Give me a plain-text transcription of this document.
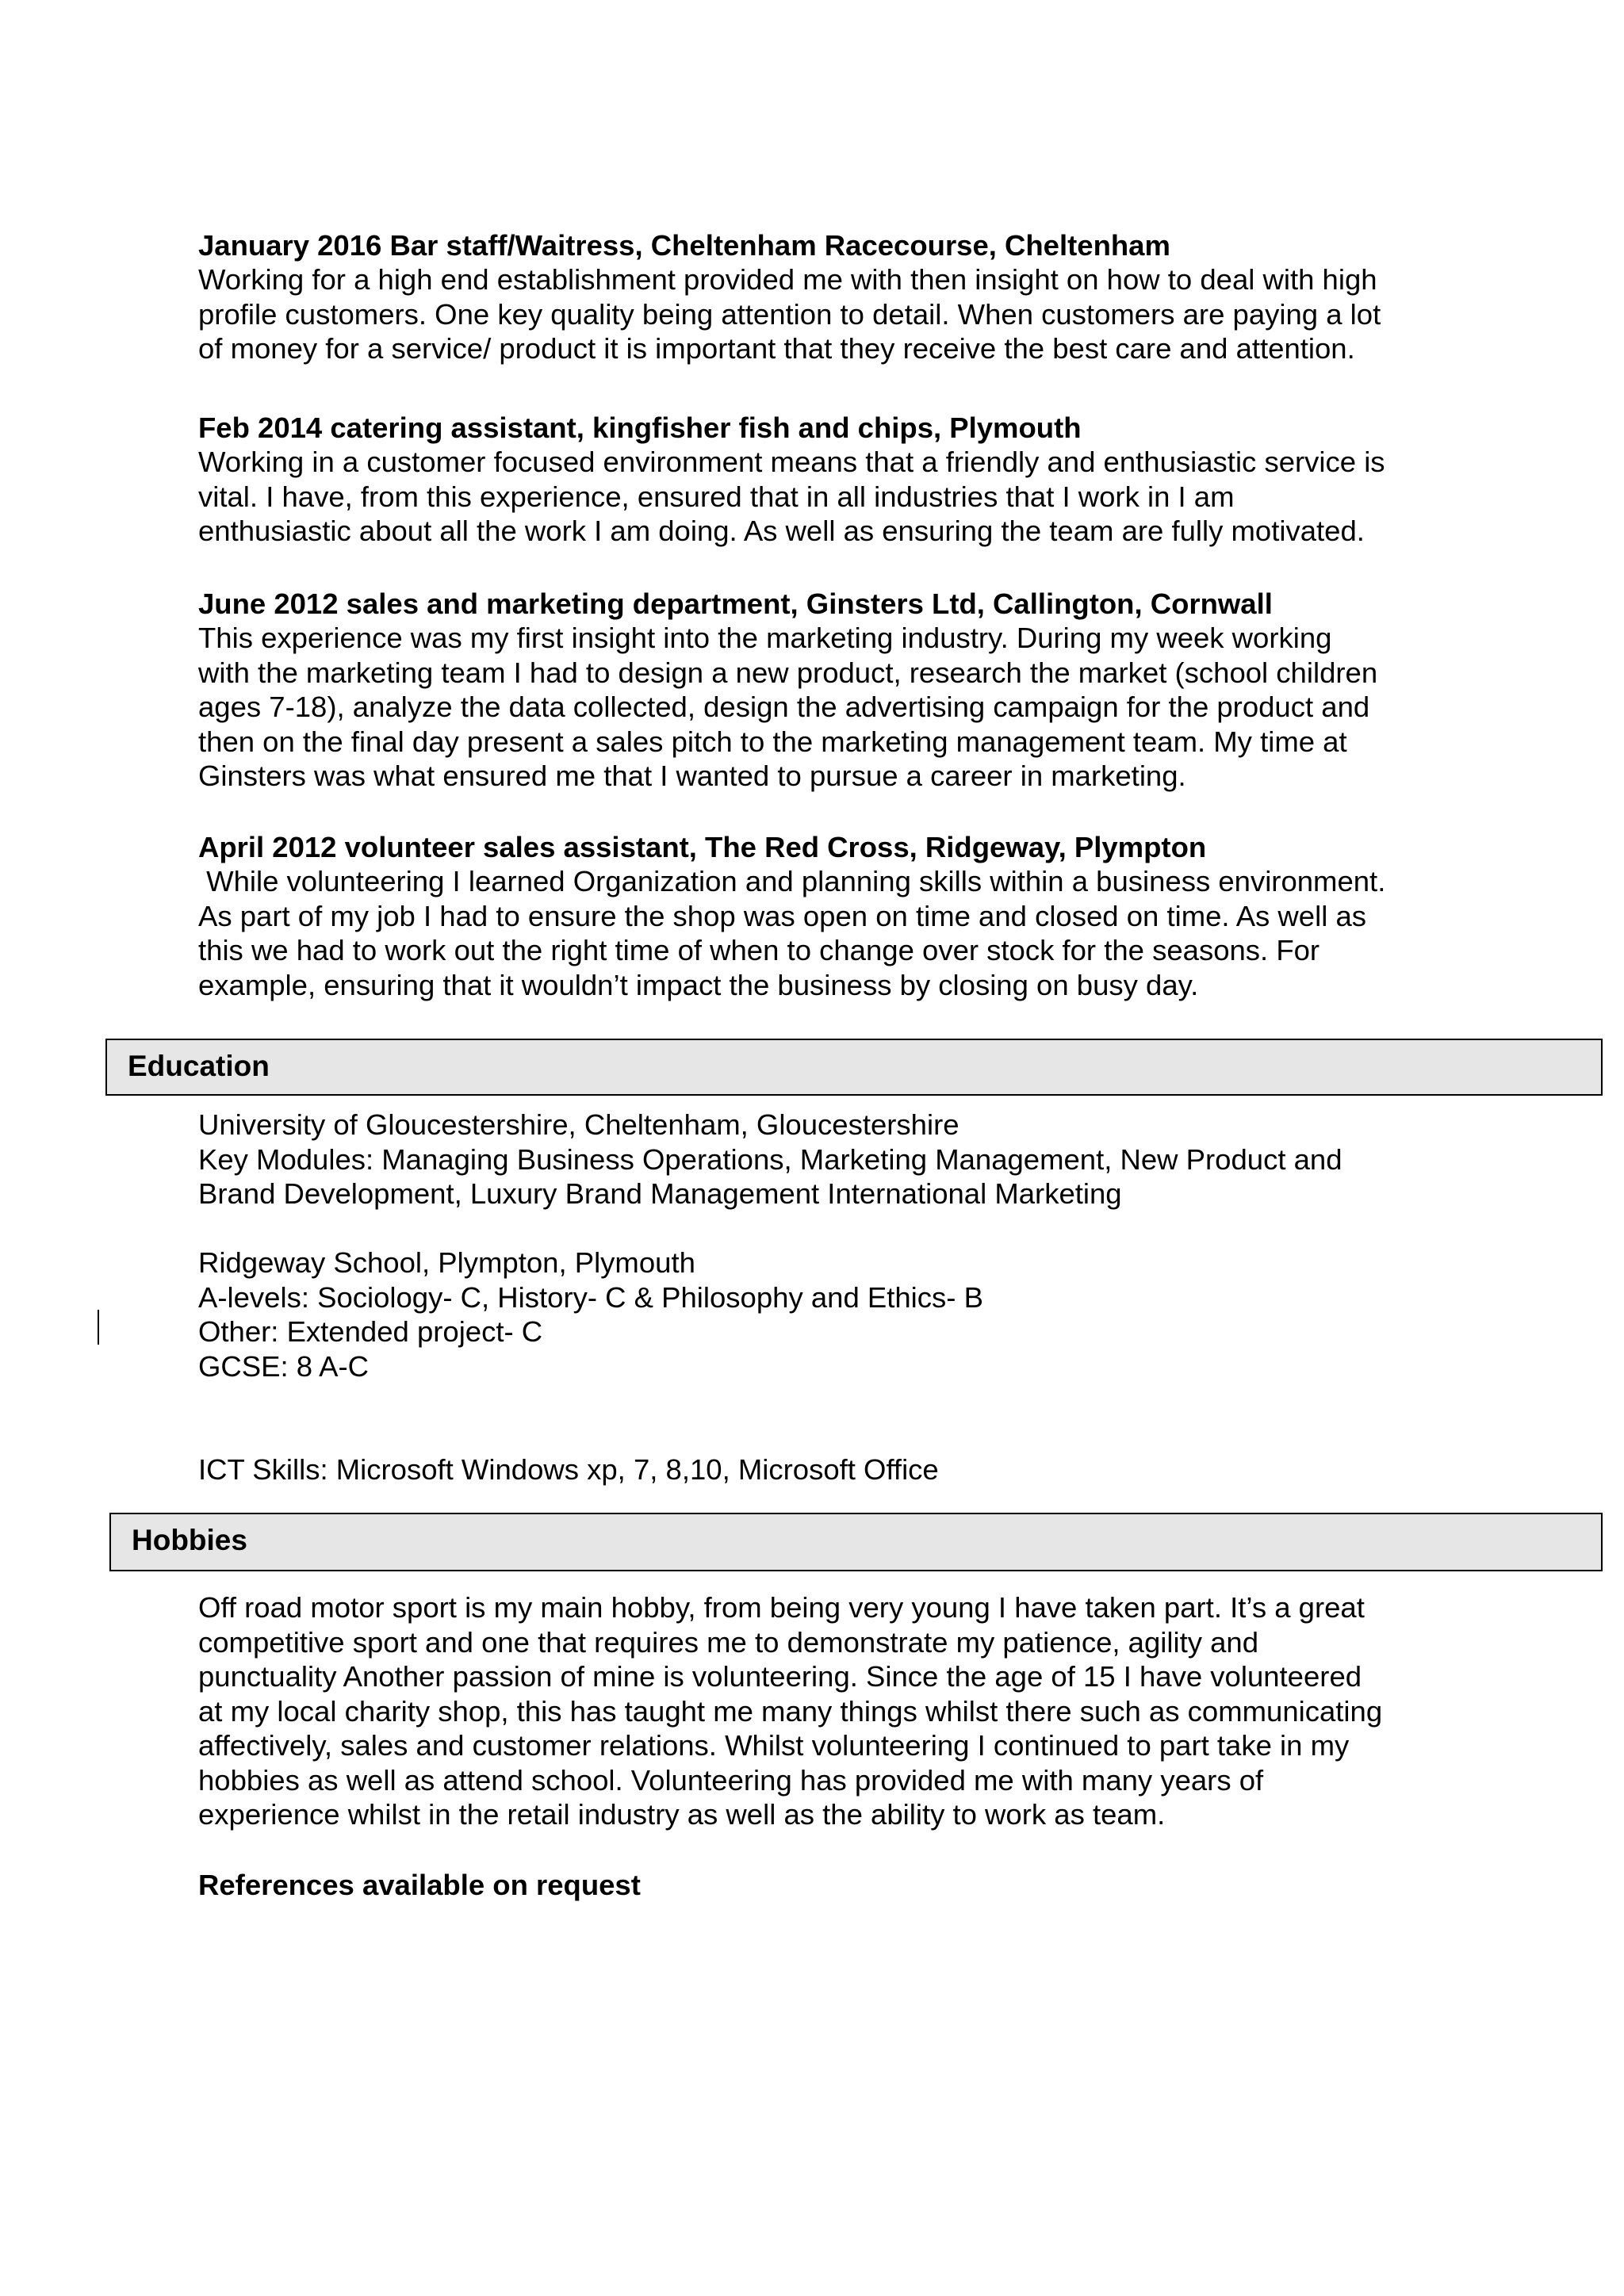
January 2016 Bar staff/Waitress, Cheltenham Racecourse, Cheltenham

Working for a high end establishment provided me with then insight on how to deal with high
profile customers. One key quality being attention to detail. When customers are paying a lot
of money for a service/ product it is important that they receive the best care and attention.

Feb 2014 catering assistant, kingfisher fish and chips, Plymouth

Working in a customer focused environment means that a friendly and enthusiastic service is
vital. I have, from this experience, ensured that in all industries that I work in I am
enthusiastic about all the work I am doing. As well as ensuring the team are fully motivated.

June 2012 sales and marketing department, Ginsters Ltd, Callington, Cornwall

This experience was my first insight into the marketing industry. During my week working
with the marketing team I had to design a new product, research the market (school children
ages 7-18), analyze the data collected, design the advertising campaign for the product and
then on the final day present a sales pitch to the marketing management team. My time at
Ginsters was what ensured me that I wanted to pursue a career in marketing.

April 2012 volunteer sales assistant, The Red Cross, Ridgeway, Plympton

While volunteering I learned Organization and planning skills within a business environment.
As part of my job I had to ensure the shop was open on time and closed on time. As well as
this we had to work out the right time of when to change over stock for the seasons. For
example, ensuring that it wouldn’t impact the business by closing on busy day.

Education

University of Gloucestershire, Cheltenham, Gloucestershire
Key Modules: Managing Business Operations, Marketing Management, New Product and
Brand Development, Luxury Brand Management International Marketing

Ridgeway School, Plympton, Plymouth
A-levels: Sociology- C, History- C & Philosophy and Ethics- B
Other: Extended project- C
GCSE: 8 A-C

ICT Skills: Microsoft Windows xp, 7, 8,10, Microsoft Office

Hobbies

Off road motor sport is my main hobby, from being very young I have taken part. It’s a great
competitive sport and one that requires me to demonstrate my patience, agility and
punctuality Another passion of mine is volunteering. Since the age of 15 I have volunteered
at my local charity shop, this has taught me many things whilst there such as communicating
affectively, sales and customer relations. Whilst volunteering I continued to part take in my
hobbies as well as attend school. Volunteering has provided me with many years of
experience whilst in the retail industry as well as the ability to work as team.

References available on request
